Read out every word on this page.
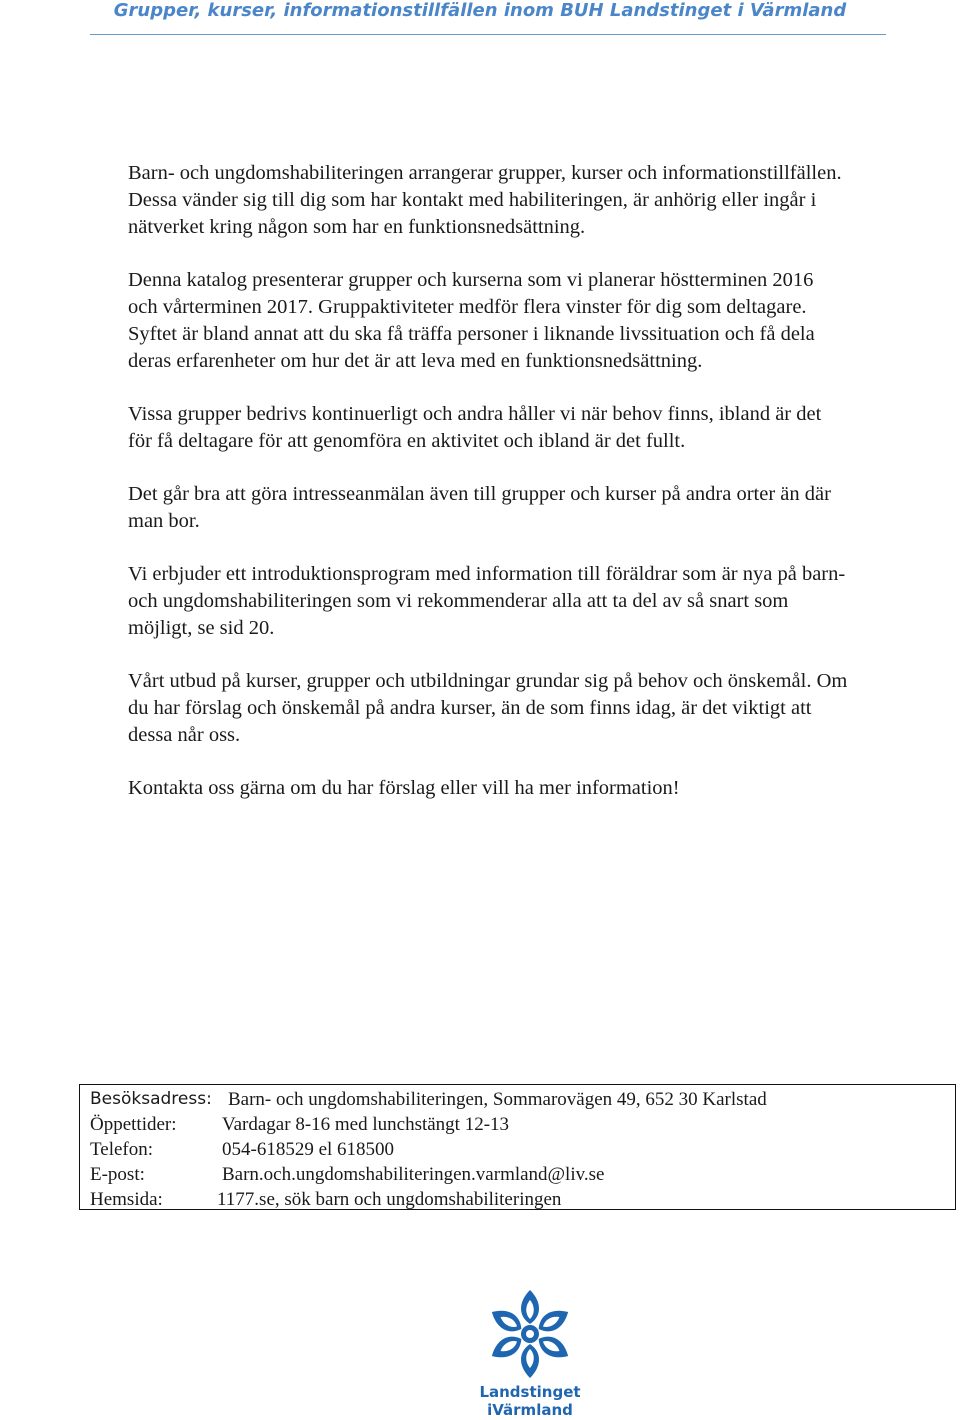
Grupper, kurser, informationstillfällen inom BUH Landstinget i Värmland

Barn- och ungdomshabiliteringen arrangerar grupper, kurser och informationstillfällen. Dessa vänder sig till dig som har kontakt med habiliteringen, är anhörig eller ingår i nätverket kring någon som har en funktionsnedsättning.

Denna katalog presenterar grupper och kurserna som vi planerar höstterminen 2016 och vårterminen 2017. Gruppaktiviteter medför flera vinster för dig som deltagare. Syftet är bland annat att du ska få träffa personer i liknande livssituation och få dela deras erfarenheter om hur det är att leva med en funktionsnedsättning.

Vissa grupper bedrivs kontinuerligt och andra håller vi när behov finns, ibland är det för få deltagare för att genomföra en aktivitet och ibland är det fullt.

Det går bra att göra intresseanmälan även till grupper och kurser på andra orter än där man bor.

Vi erbjuder ett introduktionsprogram med information till föräldrar som är nya på barn- och ungdomshabiliteringen som vi rekommenderar alla att ta del av så snart som möjligt, se sid 20.

Vårt utbud på kurser, grupper och utbildningar grundar sig på behov och önskemål. Om du har förslag och önskemål på andra kurser, än de som finns idag, är det viktigt att dessa når oss.

Kontakta oss gärna om du har förslag eller vill ha mer information!

Besöksadress: Barn- och ungdomshabiliteringen, Sommarovägen 49, 652 30 Karlstad
Öppettider:	Vardagar 8-16 med lunchstängt 12-13
Telefon:	054-618529 el 618500
E-post:	Barn.och.ungdomshabiliteringen.varmland@liv.se
Hemsida:	1177.se, sök barn och ungdomshabiliteringen
Landstinget
iVärmland
